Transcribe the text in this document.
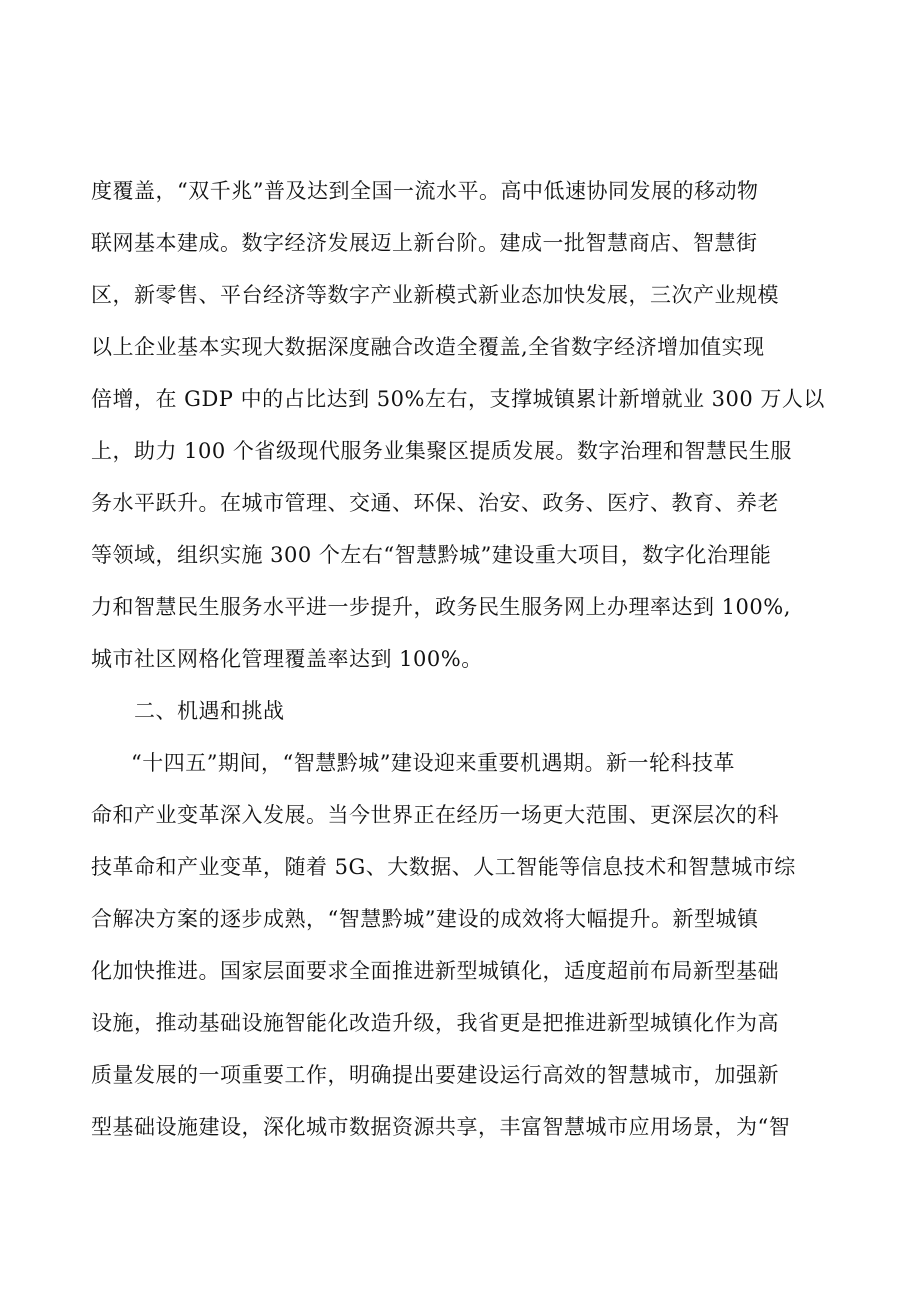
度覆盖，“双千兆”普及达到全国一流水平。高中低速协同发展的移动物
联网基本建成。数字经济发展迈上新台阶。建成一批智慧商店、智慧街
区，新零售、平台经济等数字产业新模式新业态加快发展，三次产业规模
以上企业基本实现大数据深度融合改造全覆盖,全省数字经济增加值实现
倍增，在 GDP 中的占比达到 50%左右，支撑城镇累计新增就业 300 万人以
上，助力 100 个省级现代服务业集聚区提质发展。数字治理和智慧民生服
务水平跃升。在城市管理、交通、环保、治安、政务、医疗、教育、养老
等领域，组织实施 300 个左右“智慧黔城”建设重大项目，数字化治理能
力和智慧民生服务水平进一步提升，政务民生服务网上办理率达到 100%,
城市社区网格化管理覆盖率达到 100%。
二、机遇和挑战
“十四五”期间，“智慧黔城”建设迎来重要机遇期。新一轮科技革
命和产业变革深入发展。当今世界正在经历一场更大范围、更深层次的科
技革命和产业变革，随着 5G、大数据、人工智能等信息技术和智慧城市综
合解决方案的逐步成熟，“智慧黔城”建设的成效将大幅提升。新型城镇
化加快推进。国家层面要求全面推进新型城镇化，适度超前布局新型基础
设施，推动基础设施智能化改造升级，我省更是把推进新型城镇化作为高
质量发展的一项重要工作，明确提出要建设运行高效的智慧城市，加强新
型基础设施建设，深化城市数据资源共享，丰富智慧城市应用场景，为“智
